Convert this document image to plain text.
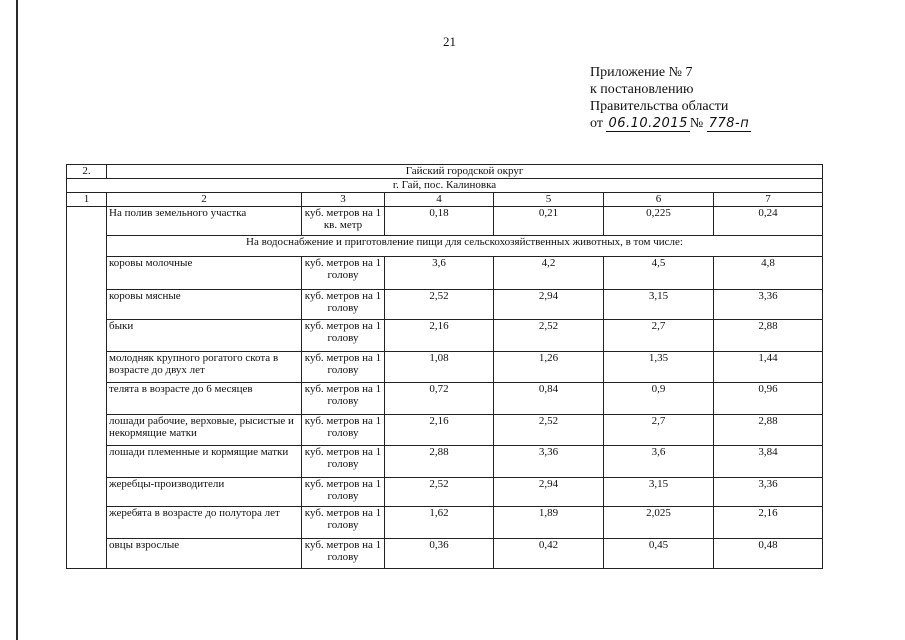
21
Приложение № 7
к постановлению
Правительства области
от 06.10.2015 № 778-п
2.	Гайский городской округ					
г. Гай, пос. Калиновка						
1	2	3	4	5	6	7
	На полив земельного участка	куб. метров на 1 кв. метр	0,18	0,21	0,225	0,24
	На водоснабжение и приготовление пищи для сельскохозяйственных животных, в том числе:					
	коровы молочные	куб. метров на 1 голову	3,6	4,2	4,5	4,8
	коровы мясные	куб. метров на 1 голову	2,52	2,94	3,15	3,36
	быки	куб. метров на 1 голову	2,16	2,52	2,7	2,88
	молодняк крупного рогатого скота в возрасте до двух лет	куб. метров на 1 голову	1,08	1,26	1,35	1,44
	телята в возрасте до 6 месяцев	куб. метров на 1 голову	0,72	0,84	0,9	0,96
	лошади рабочие, верховые, рысистые и некормящие матки	куб. метров на 1 голову	2,16	2,52	2,7	2,88
	лошади племенные и кормящие матки	куб. метров на 1 голову	2,88	3,36	3,6	3,84
	жеребцы-производители	куб. метров на 1 голову	2,52	2,94	3,15	3,36
	жеребята в возрасте до полутора лет	куб. метров на 1 голову	1,62	1,89	2,025	2,16
	овцы взрослые	куб. метров на 1 голову	0,36	0,42	0,45	0,48
